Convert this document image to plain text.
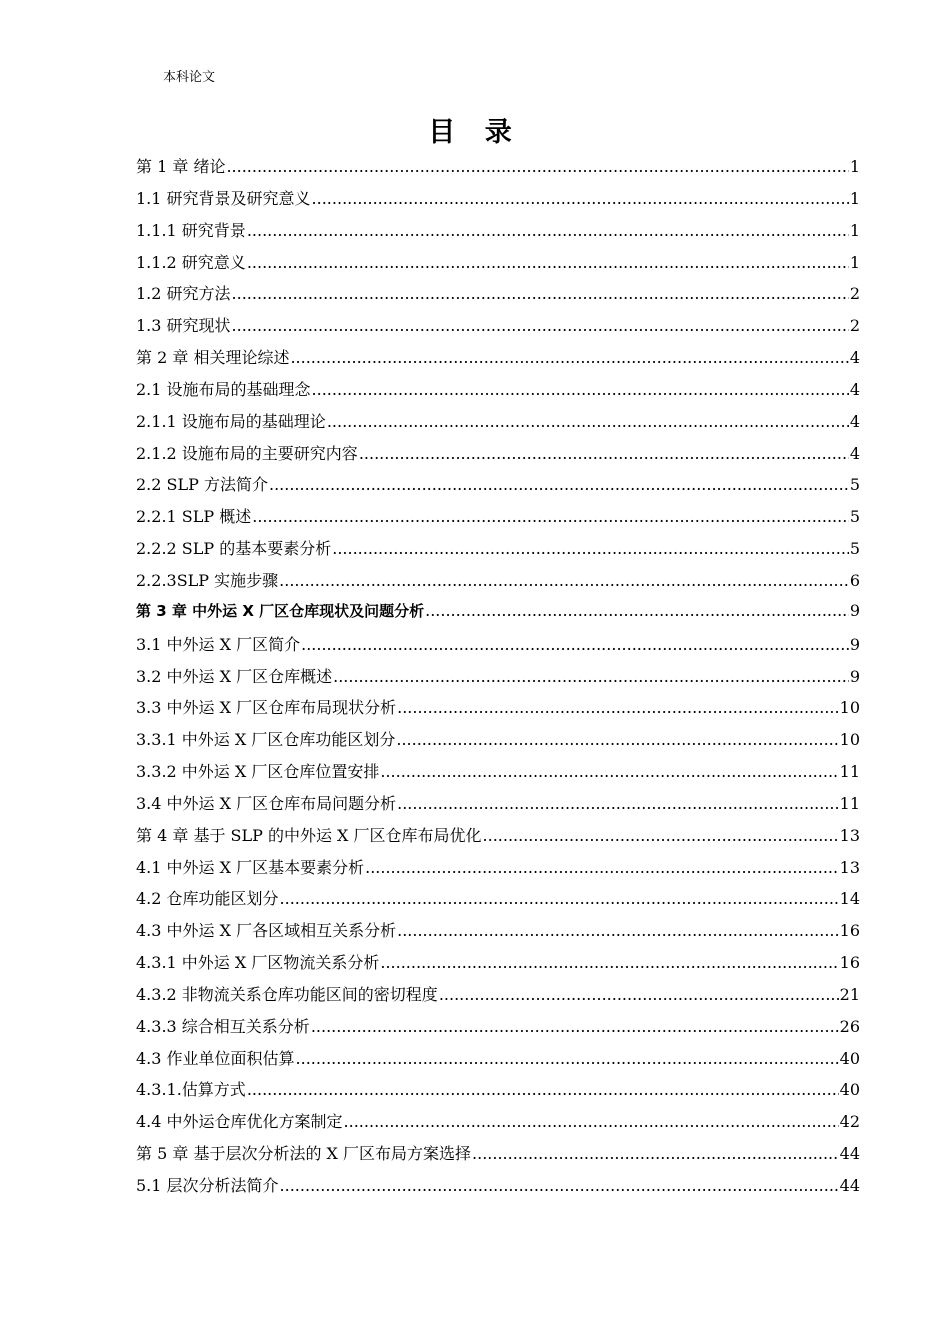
本科论文
目 录
第 1 章 绪论 .....	1
1.1 研究背景及研究意义 .....	1
1.1.1 研究背景 .....	1
1.1.2 研究意义 .....	1
1.2 研究方法 .....	2
1.3 研究现状 .....	2
第 2 章 相关理论综述 .....	4
2.1 设施布局的基础理念 .....	4
2.1.1 设施布局的基础理论 .....	4
2.1.2 设施布局的主要研究内容 .....	4
2.2 SLP 方法简介 .....	5
2.2.1 SLP 概述 .....	5
2.2.2 SLP 的基本要素分析 .....	5
2.2.3SLP 实施步骤 .....	6
第 3 章 中外运 X 厂区仓库现状及问题分析 .....	9
3.1 中外运 X 厂区简介 .....	9
3.2 中外运 X 厂区仓库概述 .....	9
3.3 中外运 X 厂区仓库布局现状分析 .....	10
3.3.1 中外运 X 厂区仓库功能区划分 .....	10
3.3.2 中外运 X 厂区仓库位置安排 .....	11
3.4 中外运 X 厂区仓库布局问题分析 .....	11
第 4 章 基于 SLP 的中外运 X 厂区仓库布局优化 .....	13
4.1 中外运 X 厂区基本要素分析 .....	13
4.2 仓库功能区划分 .....	14
4.3 中外运 X 厂各区域相互关系分析 .....	16
4.3.1 中外运 X 厂区物流关系分析 .....	16
4.3.2 非物流关系仓库功能区间的密切程度 .....	21
4.3.3 综合相互关系分析 .....	26
4.3 作业单位面积估算 .....	40
4.3.1.估算方式 .....	40
4.4 中外运仓库优化方案制定 .....	42
第 5 章 基于层次分析法的 X 厂区布局方案选择 .....	44
5.1 层次分析法简介 .....	44
